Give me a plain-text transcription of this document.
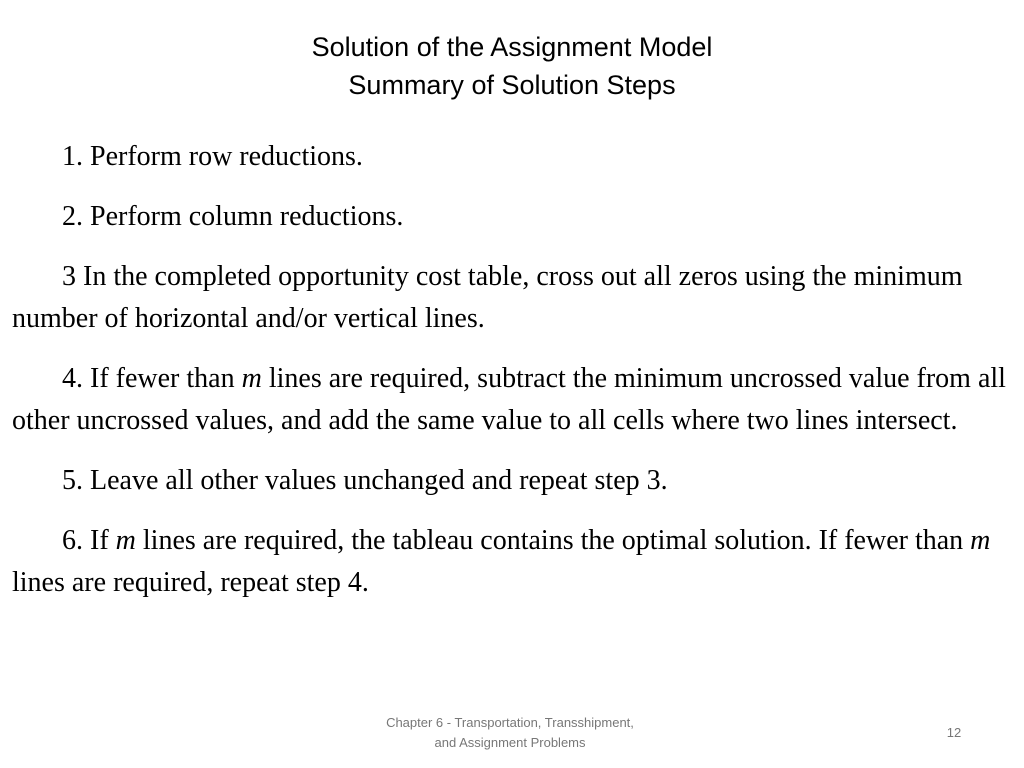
Solution of the Assignment Model
Summary of Solution Steps

1. Perform row reductions.

2. Perform column reductions.

3 In the completed opportunity cost table, cross out all zeros using the minimum number of horizontal and/or vertical lines.

4. If fewer than m lines are required, subtract the minimum uncrossed value from all other uncrossed values, and add the same value to all cells where two lines intersect.

5. Leave all other values unchanged and repeat step 3.

6. If m lines are required, the tableau contains the optimal solution. If fewer than m lines are required, repeat step 4.

Chapter 6 - Transportation, Transshipment,
and Assignment Problems
12
